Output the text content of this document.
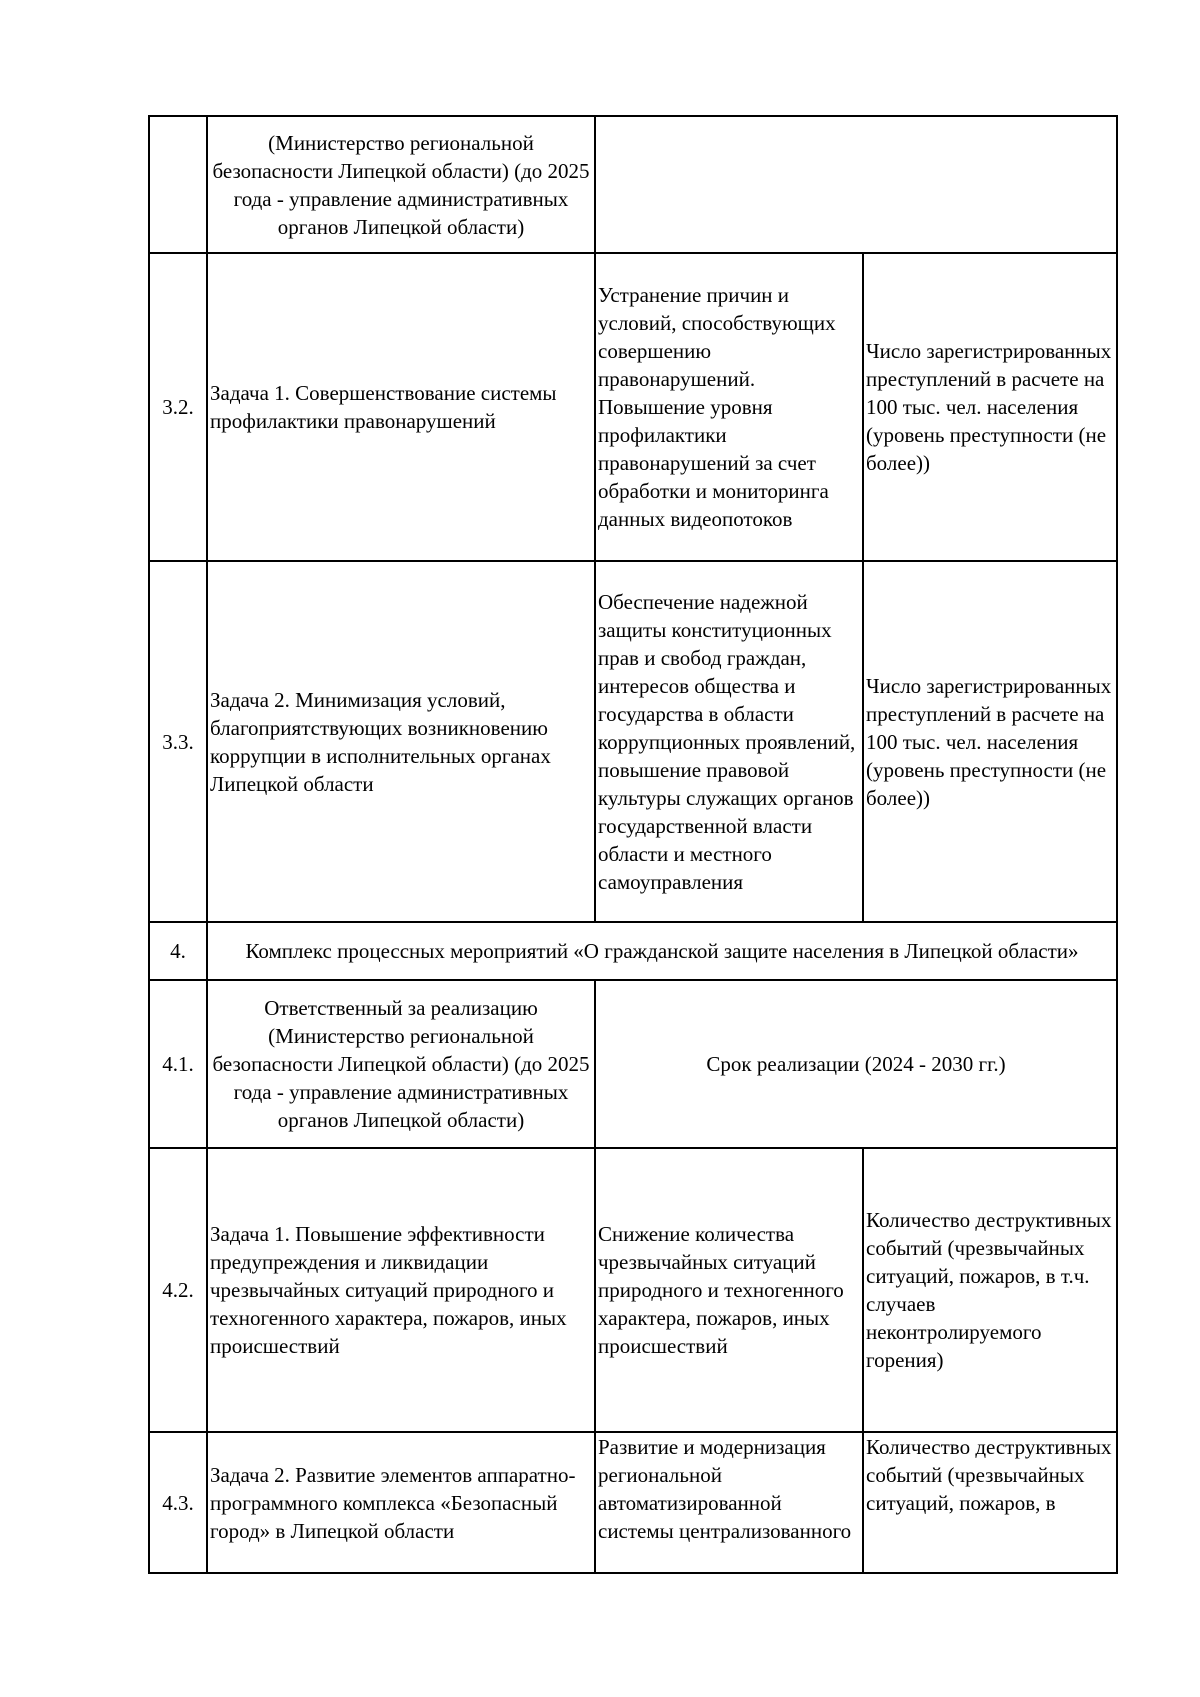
	(Министерство региональной безопасности Липецкой области) (до 2025 года - управление административных органов Липецкой области)		
3.2.	Задача 1. Совершенствование системы профилактики правонарушений	Устранение причин и условий, способствующих совершению правонарушений. Повышение уровня профилактики правонарушений за счет обработки и мониторинга данных видеопотоков	Число зарегистрированных преступлений в расчете на 100 тыс. чел. населения (уровень преступности (не более))
3.3.	Задача 2. Минимизация условий, благоприятствующих возникновению коррупции в исполнительных органах Липецкой области	Обеспечение надежной защиты конституционных прав и свобод граждан, интересов общества и государства в области коррупционных проявлений, повышение правовой культуры служащих органов государственной власти области и местного самоуправления	Число зарегистрированных преступлений в расчете на 100 тыс. чел. населения (уровень преступности (не более))
4.	Комплекс процессных мероприятий «О гражданской защите населения в Липецкой области»		
4.1.	Ответственный за реализацию (Министерство региональной безопасности Липецкой области) (до 2025 года - управление административных органов Липецкой области)	Срок реализации (2024 - 2030 гг.)	
4.2.	Задача 1. Повышение эффективности предупреждения и ликвидации чрезвычайных ситуаций природного и техногенного характера, пожаров, иных происшествий	Снижение количества чрезвычайных ситуаций природного и техногенного характера, пожаров, иных происшествий	Количество деструктивных событий (чрезвычайных ситуаций, пожаров, в т.ч. случаев неконтролируемого горения)
4.3.	Задача 2. Развитие элементов аппаратно-программного комплекса «Безопасный город» в Липецкой области	Развитие и модернизация региональной автоматизированной системы централизованного	Количество деструктивных событий (чрезвычайных ситуаций, пожаров, в
